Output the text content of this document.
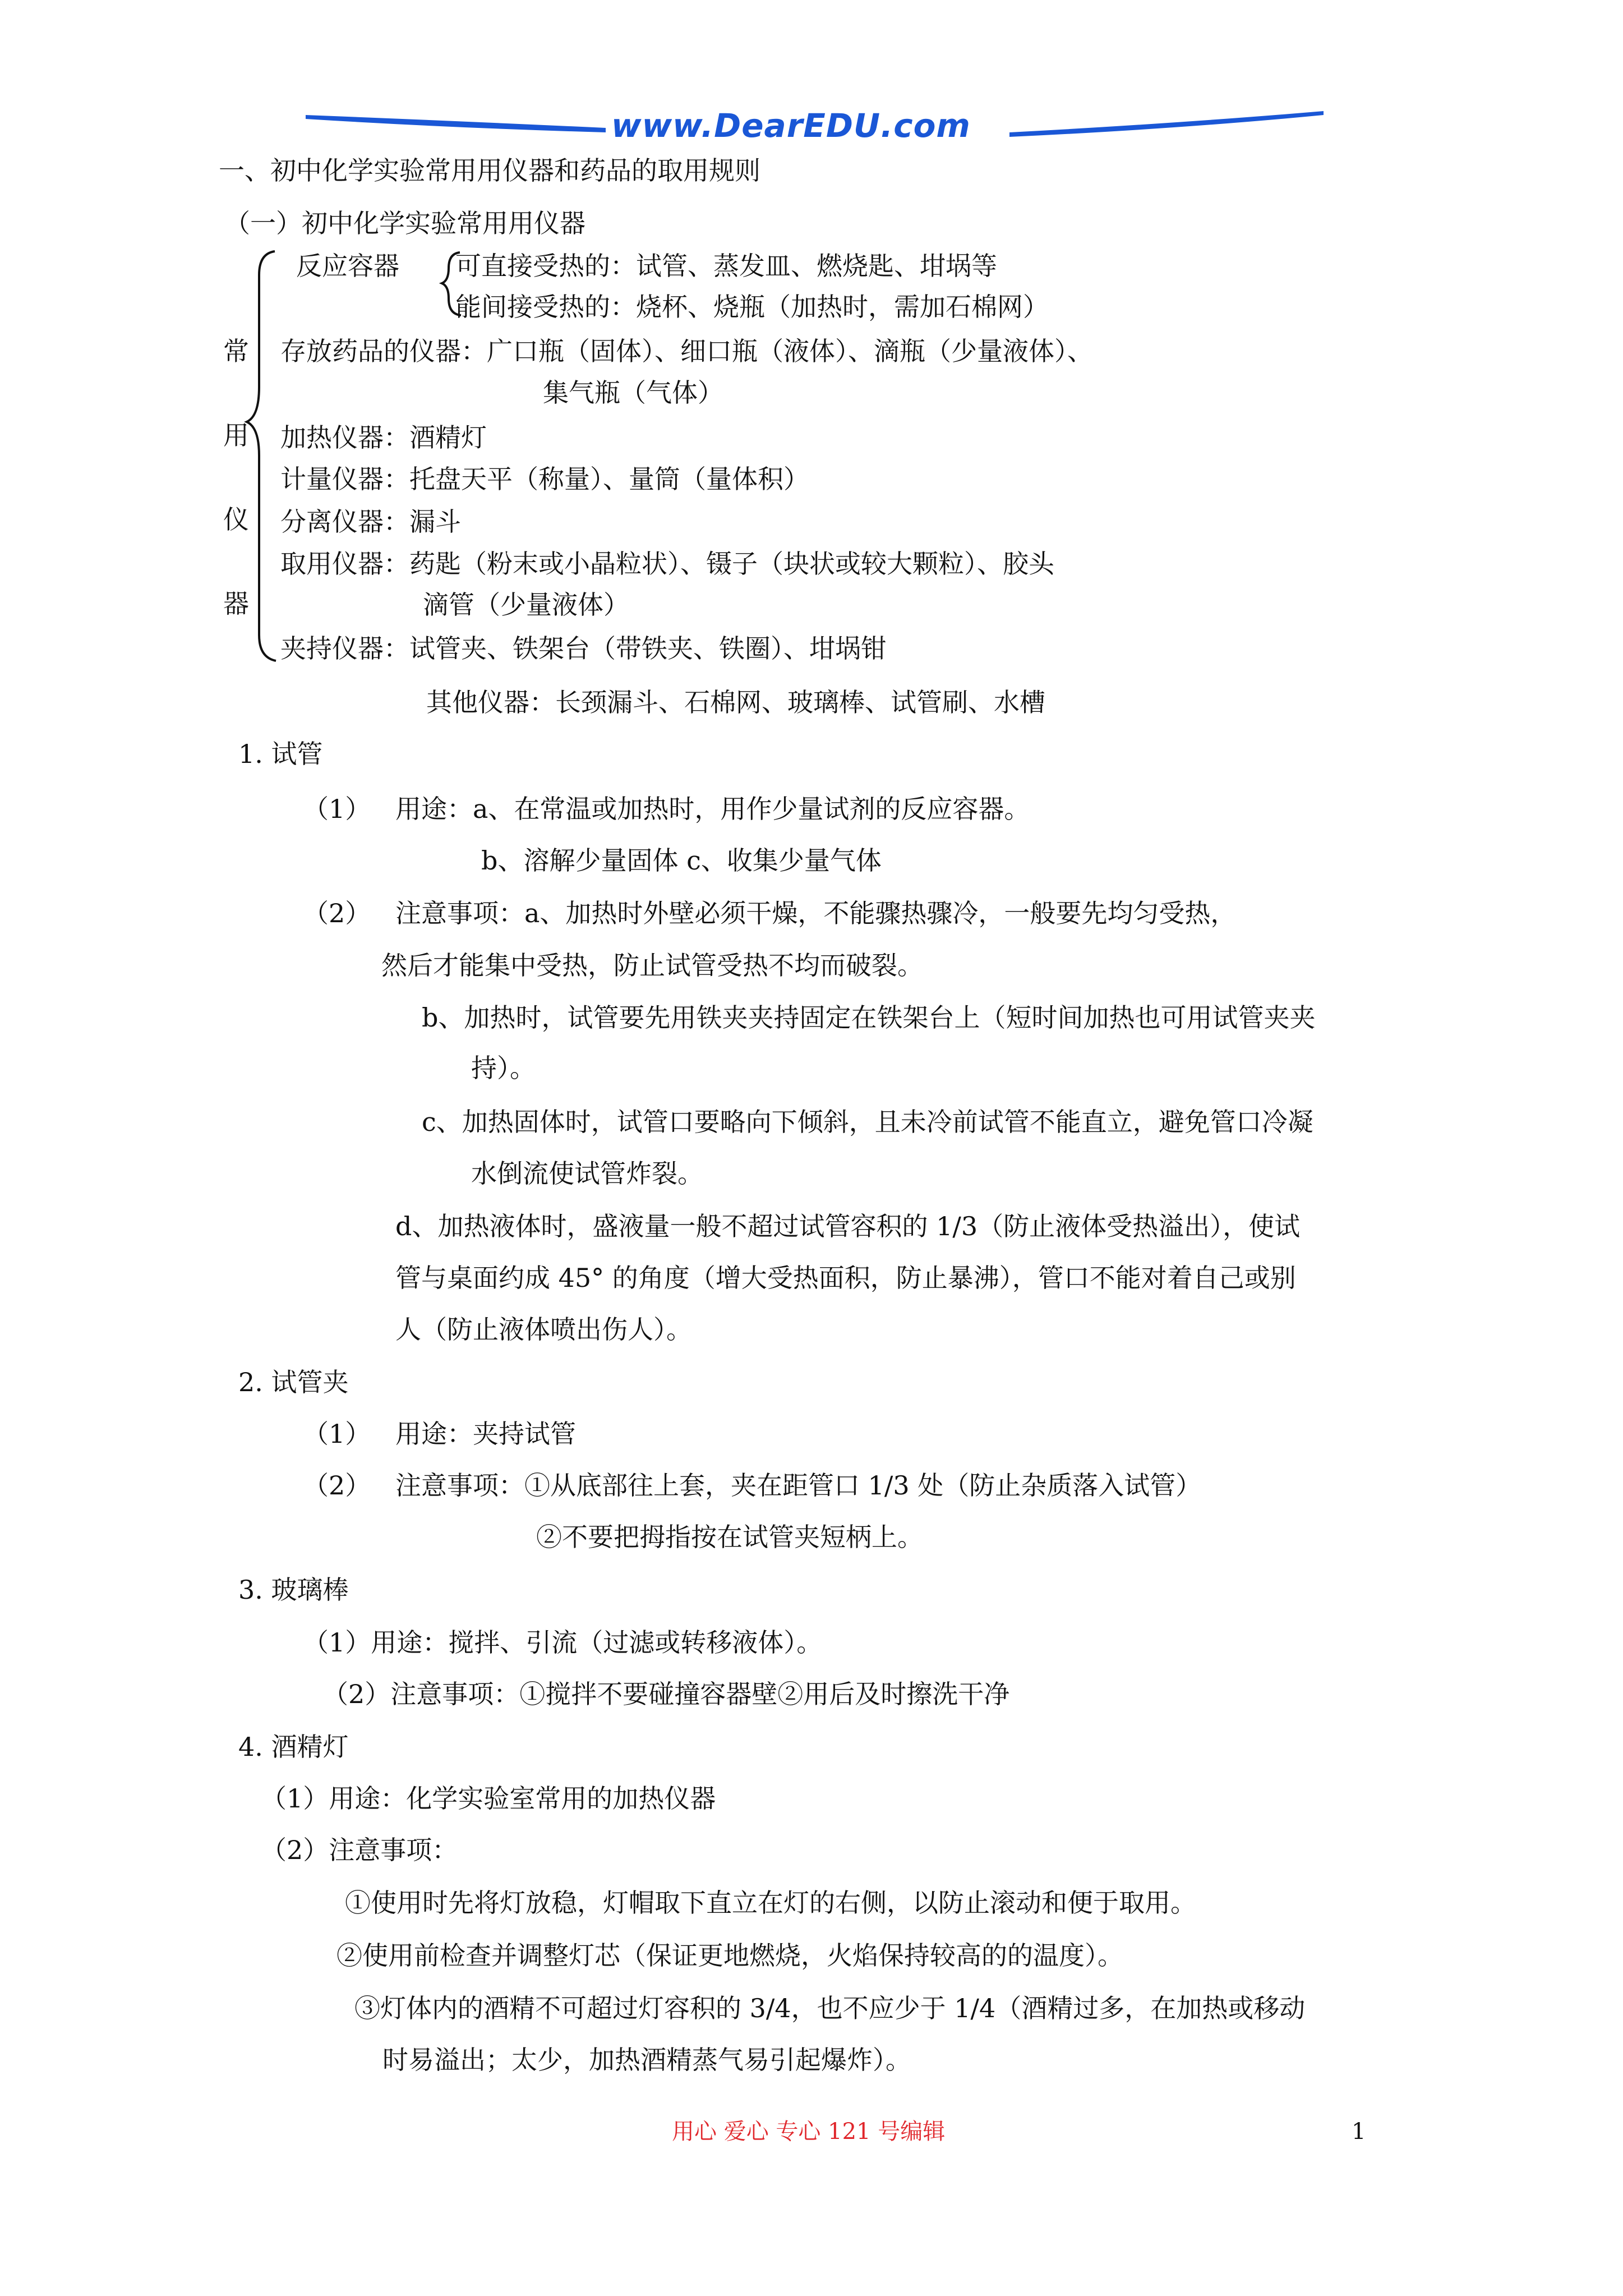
www.DearEDU.com
一、初中化学实验常用用仪器和药品的取用规则
（一）初中化学实验常用用仪器
反应容器 可直接受热的：试管、蒸发皿、燃烧匙、坩埚等
能间接受热的：烧杯、烧瓶（加热时，需加石棉网）
常
用
仪
器
存放药品的仪器：广口瓶（固体）、细口瓶（液体）、滴瓶（少量液体）、
集气瓶（气体）
加热仪器：酒精灯
计量仪器：托盘天平（称量）、量筒（量体积）
分离仪器：漏斗
取用仪器：药匙（粉末或小晶粒状）、镊子（块状或较大颗粒）、胶头
滴管（少量液体）
夹持仪器：试管夹、铁架台（带铁夹、铁圈）、坩埚钳
其他仪器：长颈漏斗、石棉网、玻璃棒、试管刷、水槽
1. 试管
（1） 用途：a、在常温或加热时，用作少量试剂的反应容器。
b、溶解少量固体 c、收集少量气体
（2） 注意事项：a、加热时外壁必须干燥，不能骤热骤冷，一般要先均匀受热，
然后才能集中受热，防止试管受热不均而破裂。
b、加热时，试管要先用铁夹夹持固定在铁架台上（短时间加热也可用试管夹夹
持）。
c、加热固体时，试管口要略向下倾斜，且未冷前试管不能直立，避免管口冷凝
水倒流使试管炸裂。
d、加热液体时，盛液量一般不超过试管容积的 1/3（防止液体受热溢出），使试
管与桌面约成 45° 的角度（增大受热面积，防止暴沸），管口不能对着自己或别
人（防止液体喷出伤人）。
2. 试管夹
（1） 用途：夹持试管
（2） 注意事项：①从底部往上套，夹在距管口 1/3 处（防止杂质落入试管）
②不要把拇指按在试管夹短柄上。
3. 玻璃棒
（1）用途：搅拌、引流（过滤或转移液体）。
（2）注意事项：①搅拌不要碰撞容器壁②用后及时擦洗干净
4. 酒精灯
（1）用途：化学实验室常用的加热仪器
（2）注意事项：
①使用时先将灯放稳，灯帽取下直立在灯的右侧，以防止滚动和便于取用。
②使用前检查并调整灯芯（保证更地燃烧，火焰保持较高的的温度）。
③灯体内的酒精不可超过灯容积的 3/4，也不应少于 1/4（酒精过多，在加热或移动
时易溢出；太少，加热酒精蒸气易引起爆炸）。
用心 爱心 专心 121 号编辑	1
